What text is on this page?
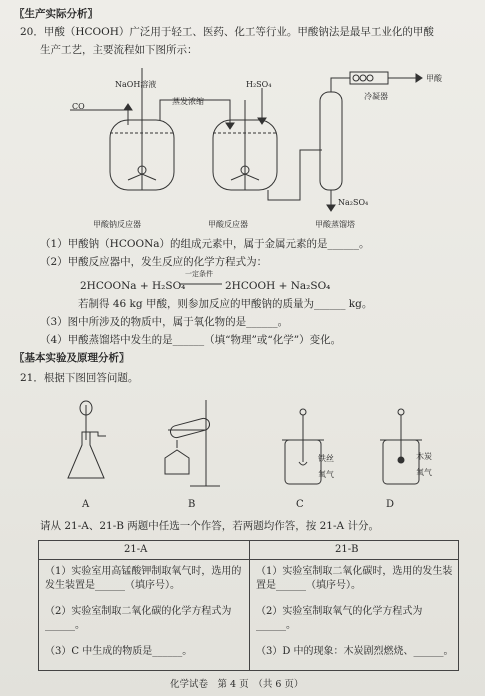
〖生产实际分析〗
20．甲酸（HCOOH）广泛用于轻工、医药、化工等行业。甲酸钠法是最早工业化的甲酸
生产工艺，主要流程如下图所示：
NaOH溶液
CO
蒸发浓缩
H₂SO₄
甲酸
冷凝器
Na₂SO₄
甲酸钠反应器	甲酸反应器	甲酸蒸馏塔
（1）甲酸钠（HCOONa）的组成元素中，属于金属元素的是______。
（2）甲酸反应器中，发生反应的化学方程式为：
2HCOONa + H₂SO₄
一定条件
2HCOOH + Na₂SO₄
若制得 46 kg 甲酸，则参加反应的甲酸钠的质量为______ kg。
（3）图中所涉及的物质中，属于氧化物的是______。
（4）甲酸蒸馏塔中发生的是______（填“物理”或“化学”）变化。
〖基本实验及原理分析〗
21．根据下图回答问题。
A	B	C	D
铁丝
氧气
木炭
氧气
请从 21-A、21-B 两题中任选一个作答，若两题均作答，按 21-A 计分。
21-A	21-B
（1）实验室用高锰酸钾制取氧气时，选用的发生装置是______（填序号）。
（2）实验室制取二氧化碳的化学方程式为______。
（3）C 中生成的物质是______。
（1）实验室制取二氧化碳时，选用的发生装置是______（填序号）。
（2）实验室制取氧气的化学方程式为______。
（3）D 中的现象：木炭剧烈燃烧、______。
化学试卷　第 4 页　（共 6 页）
